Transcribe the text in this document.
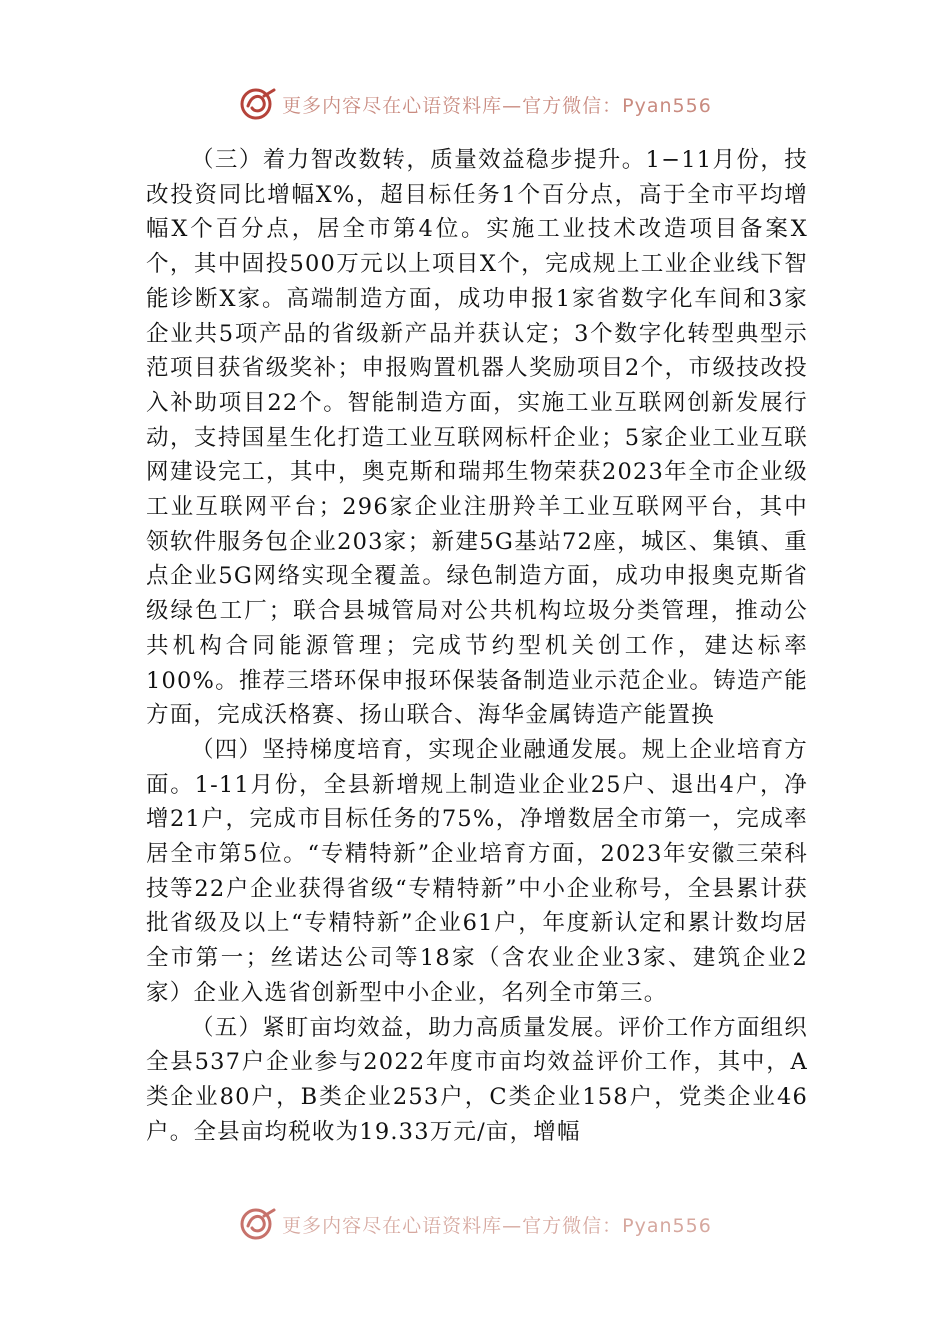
更多内容尽在心语资料库—官方微信：Pyan556

（三）着力智改数转，质量效益稳步提升。1−11月份，技改投资同比增幅X%，超目标任务1个百分点，高于全市平均增幅X个百分点，居全市第4位。实施工业技术改造项目备案X个，其中固投500万元以上项目X个，完成规上工业企业线下智能诊断X家。高端制造方面，成功申报1家省数字化车间和3家企业共5项产品的省级新产品并获认定；3个数字化转型典型示范项目获省级奖补；申报购置机器人奖励项目2个，市级技改投入补助项目22个。智能制造方面，实施工业互联网创新发展行动，支持国星生化打造工业互联网标杆企业；5家企业工业互联网建设完工，其中，奥克斯和瑞邦生物荣获2023年全市企业级工业互联网平台；296家企业注册羚羊工业互联网平台，其中领软件服务包企业203家；新建5G基站72座，城区、集镇、重点企业5G网络实现全覆盖。绿色制造方面，成功申报奥克斯省级绿色工厂；联合县城管局对公共机构垃圾分类管理，推动公共机构合同能源管理；完成节约型机关创工作，建达标率100%。推荐三塔环保申报环保装备制造业示范企业。铸造产能方面，完成沃格赛、扬山联合、海华金属铸造产能置换

（四）坚持梯度培育，实现企业融通发展。规上企业培育方面。1-11月份，全县新增规上制造业企业25户、退出4户，净增21户，完成市目标任务的75%，净增数居全市第一，完成率居全市第5位。“专精特新”企业培育方面，2023年安徽三荣科技等22户企业获得省级“专精特新”中小企业称号，全县累计获批省级及以上“专精特新”企业61户，年度新认定和累计数均居全市第一；丝诺达公司等18家（含农业企业3家、建筑企业2家）企业入选省创新型中小企业，名列全市第三。

（五）紧盯亩均效益，助力高质量发展。评价工作方面组织全县537户企业参与2022年度市亩均效益评价工作，其中，A类企业80户，B类企业253户，C类企业158户，党类企业46户。全县亩均税收为19.33万元/亩，增幅

更多内容尽在心语资料库—官方微信：Pyan556
